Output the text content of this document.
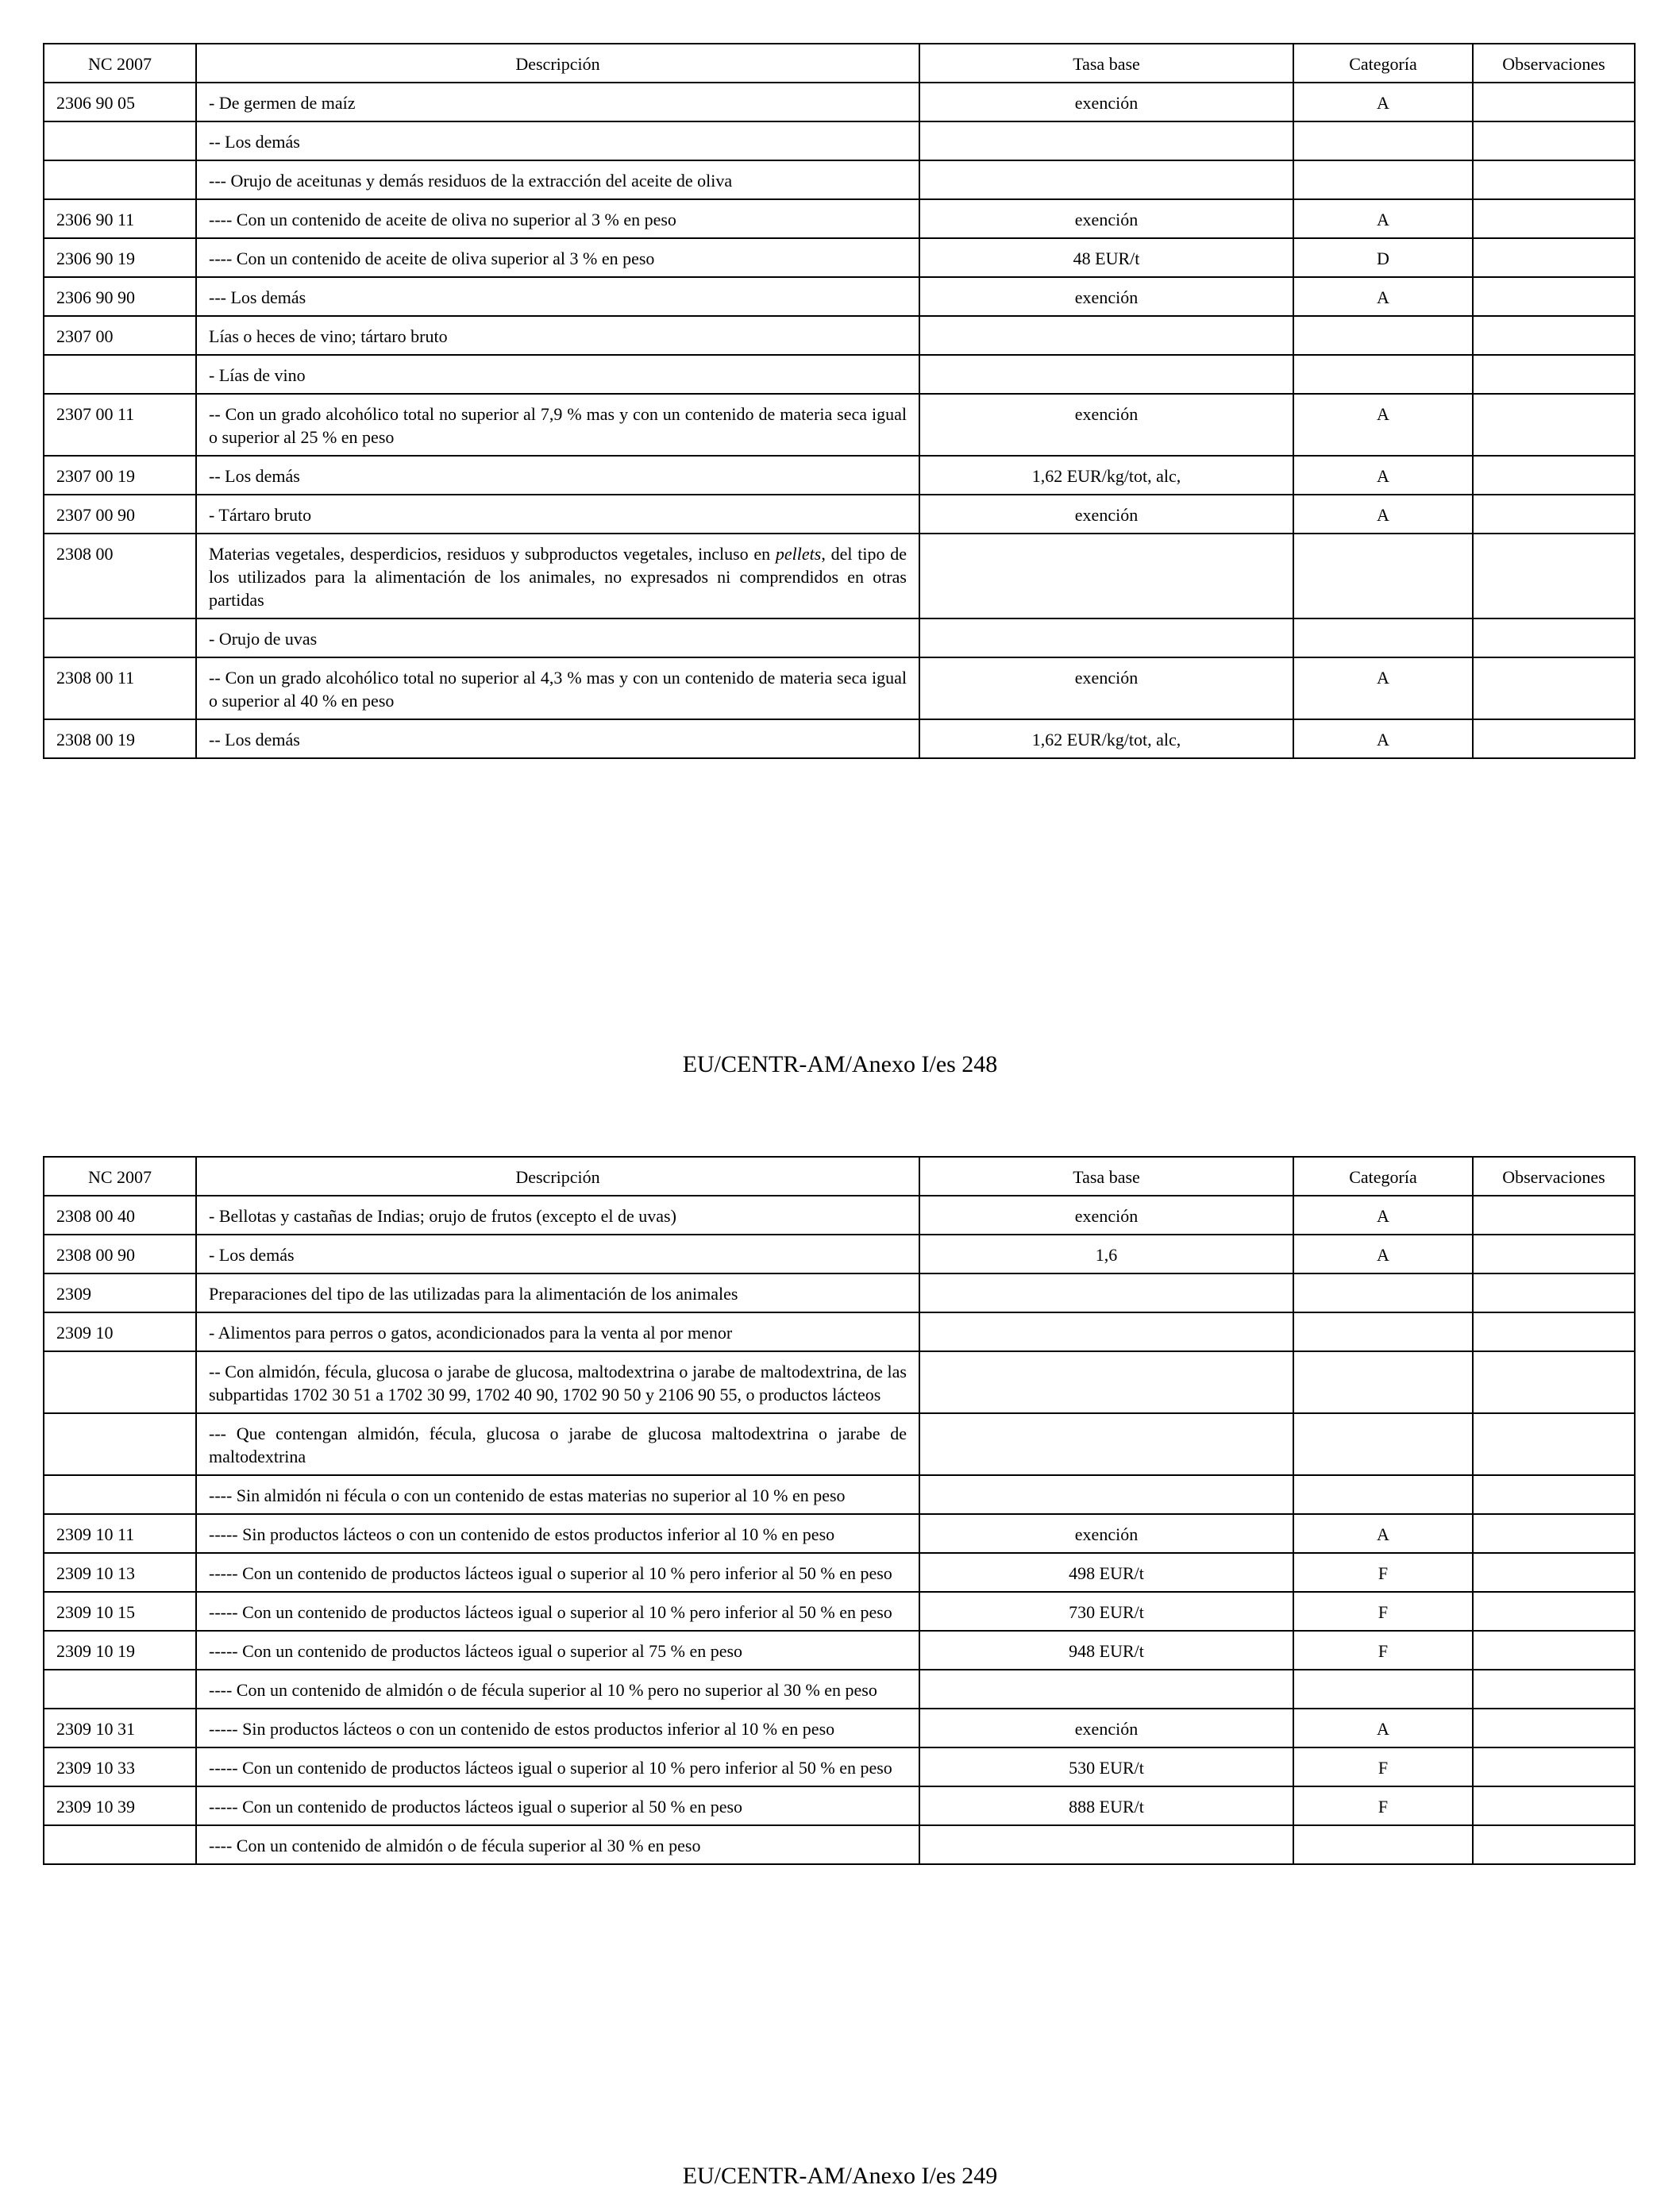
NC 2007	Descripción	Tasa base	Categoría	Observaciones
2306 90 05	- De germen de maíz	exención	A	
	-- Los demás			
	--- Orujo de aceitunas y demás residuos de la extracción del aceite de oliva			
2306 90 11	---- Con un contenido de aceite de oliva no superior al 3 % en peso	exención	A	
2306 90 19	---- Con un contenido de aceite de oliva superior al 3 % en peso	48 EUR/t	D	
2306 90 90	--- Los demás	exención	A	
2307 00	Lías o heces de vino; tártaro bruto			
	- Lías de vino			
2307 00 11	-- Con un grado alcohólico total no superior al 7,9 % mas y con un contenido de materia seca igual o superior al 25 % en peso	exención	A	
2307 00 19	-- Los demás	1,62 EUR/kg/tot, alc,	A	
2307 00 90	- Tártaro bruto	exención	A	
2308 00	Materias vegetales, desperdicios, residuos y subproductos vegetales, incluso en pellets, del tipo de los utilizados para la alimentación de los animales, no expresados ni comprendidos en otras partidas			
	- Orujo de uvas			
2308 00 11	-- Con un grado alcohólico total no superior al 4,3 % mas y con un contenido de materia seca igual o superior al 40 % en peso	exención	A	
2308 00 19	-- Los demás	1,62 EUR/kg/tot, alc,	A	
EU/CENTR-AM/Anexo I/es 248
NC 2007	Descripción	Tasa base	Categoría	Observaciones
2308 00 40	- Bellotas y castañas de Indias; orujo de frutos (excepto el de uvas)	exención	A	
2308 00 90	- Los demás	1,6	A	
2309	Preparaciones del tipo de las utilizadas para la alimentación de los animales			
2309 10	- Alimentos para perros o gatos, acondicionados para la venta al por menor			
	-- Con almidón, fécula, glucosa o jarabe de glucosa, maltodextrina o jarabe de maltodextrina, de las subpartidas 1702 30 51 a 1702 30 99, 1702 40 90, 1702 90 50 y 2106 90 55, o productos lácteos			
	--- Que contengan almidón, fécula, glucosa o jarabe de glucosa maltodextrina o jarabe de maltodextrina			
	---- Sin almidón ni fécula o con un contenido de estas materias no superior al 10 % en peso			
2309 10 11	----- Sin productos lácteos o con un contenido de estos productos inferior al 10 % en peso	exención	A	
2309 10 13	----- Con un contenido de productos lácteos igual o superior al 10 % pero inferior al 50 % en peso	498 EUR/t	F	
2309 10 15	----- Con un contenido de productos lácteos igual o superior al 10 % pero inferior al 50 % en peso	730 EUR/t	F	
2309 10 19	----- Con un contenido de productos lácteos igual o superior al 75 % en peso	948 EUR/t	F	
	---- Con un contenido de almidón o de fécula superior al 10 % pero no superior al 30 % en peso			
2309 10 31	----- Sin productos lácteos o con un contenido de estos productos inferior al 10 % en peso	exención	A	
2309 10 33	----- Con un contenido de productos lácteos igual o superior al 10 % pero inferior al 50 % en peso	530 EUR/t	F	
2309 10 39	----- Con un contenido de productos lácteos igual o superior al 50 % en peso	888 EUR/t	F	
	---- Con un contenido de almidón o de fécula superior al 30 % en peso			
EU/CENTR-AM/Anexo I/es 249
